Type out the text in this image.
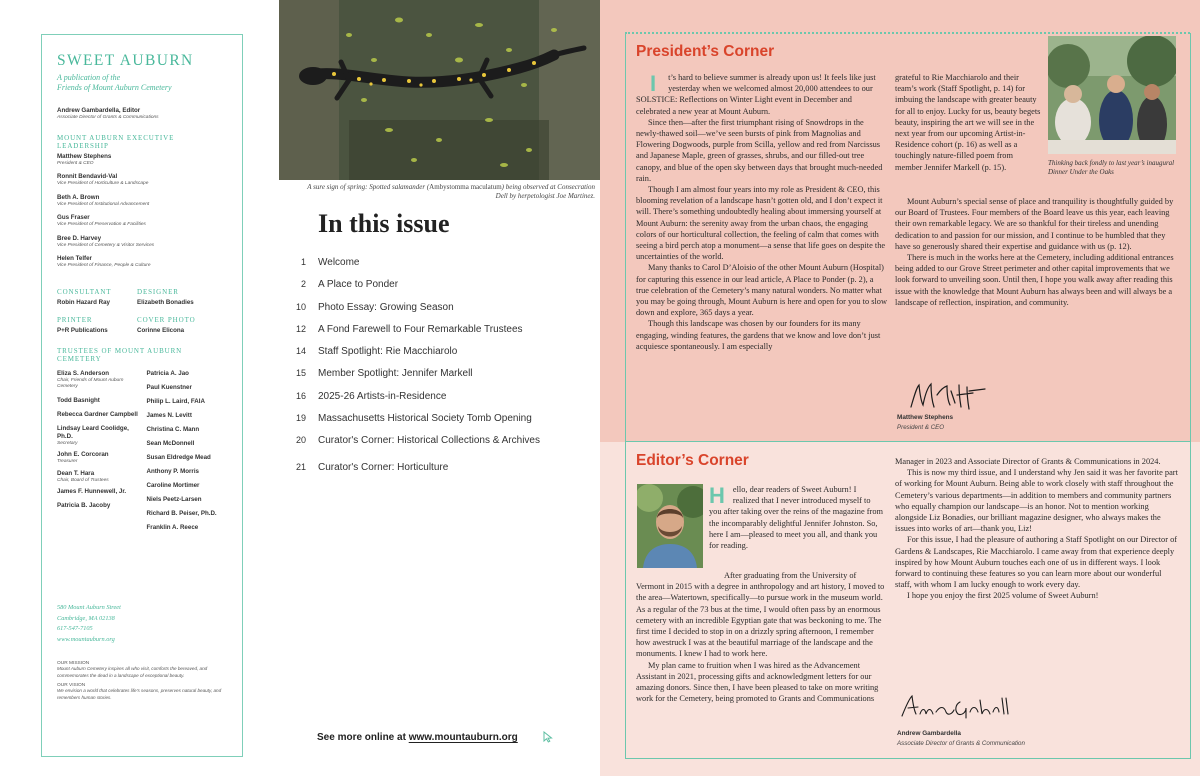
SWEET AUBURN
A publication of the
Friends of Mount Auburn Cemetery
Andrew Gambardella, Editor
Associate Director of Grants & Communications
MOUNT AUBURN EXECUTIVE LEADERSHIP
Matthew Stephens
President & CEO
Ronnit Bendavid-Val
Vice President of Horticulture & Landscape
Beth A. Brown
Vice President of Institutional Advancement
Gus Fraser
Vice President of Preservation & Facilities
Bree D. Harvey
Vice President of Cemetery & Visitor Services
Helen Telfer
Vice President of Finance, People & Culture
CONSULTANT
Robin Hazard Ray
DESIGNER
Elizabeth Bonadies
PRINTER
P+R Publications
COVER PHOTO
Corinne Elicona
TRUSTEES OF MOUNT AUBURN CEMETERY
Eliza S. Anderson
Chair, Friends of Mount Auburn Cemetery
Todd Basnight
Rebecca Gardner Campbell
Lindsay Leard Coolidge, Ph.D.
Secretary
John E. Corcoran
Treasurer
Dean T. Hara
Chair, Board of Trustees
James F. Hunnewell, Jr.
Patricia B. Jacoby
Patricia A. Jao
Paul Kuenstner
Philip L. Laird, FAIA
James N. Levitt
Christina C. Mann
Sean McDonnell
Susan Eldredge Mead
Anthony P. Morris
Caroline Mortimer
Niels Peetz-Larsen
Richard B. Peiser, Ph.D.
Franklin A. Reece
580 Mount Auburn Street
Cambridge, MA 02138
617-547-7105
www.mountauburn.org
OUR MISSION
Mount Auburn Cemetery inspires all who visit, comforts the bereaved, and commemorates the dead in a landscape of exceptional beauty.
OUR VISION
We envision a world that celebrates life's seasons, preserves natural beauty, and remembers human stories.
A sure sign of spring: Spotted salamander (Ambystomma maculatum) being observed at Consecration Dell by herpetologist Joe Martinez.
In this issue
1 Welcome
2 A Place to Ponder
10 Photo Essay: Growing Season
12 A Fond Farewell to Four Remarkable Trustees
14 Staff Spotlight: Rie Macchiarolo
15 Member Spotlight: Jennifer Markell
16 2025-26 Artists-in-Residence
19 Massachusetts Historical Society Tomb Opening
20 Curator's Corner: Historical Collections & Archives
21 Curator's Corner: Horticulture
See more online at www.mountauburn.org
President’s Corner

I t’s hard to believe summer is already upon us! It feels like just yesterday when we welcomed almost 20,000 attendees to our SOLSTICE: Reflections on Winter Light event in December and celebrated a new year at Mount Auburn.

Since then—after the first triumphant rising of Snowdrops in the newly-thawed soil—we’ve seen bursts of pink from Magnolias and Flowering Dogwoods, purple from Scilla, yellow and red from Narcissus and Japanese Maple, green of grasses, shrubs, and our filled-out tree canopy, and blue of the open sky between days that brought much-needed rain.

Though I am almost four years into my role as President & CEO, this blooming revelation of a landscape hasn’t gotten old, and I don’t expect it will. There’s something undoubtedly healing about immersing yourself at Mount Auburn: the serenity away from the urban chaos, the engaging colors of our horticultural collection, the feeling of calm that comes with seeing a bird perch atop a monument—a sense that life goes on despite the uncertainties of the world.

Many thanks to Carol D’Aloisio of the other Mount Auburn (Hospital) for capturing this essence in our lead article, A Place to Ponder (p. 2), a true celebration of the Cemetery’s many natural wonders. No matter what you may be going through, Mount Auburn is here and open for you to slow down and explore, 365 days a year.

Though this landscape was chosen by our founders for its many engaging, winding features, the gardens that we know and love don’t just acquiesce spontaneously. I am especially

grateful to Rie Macchiarolo and their team’s work (Staff Spotlight, p. 14) for imbuing the landscape with greater beauty for all to enjoy. Lucky for us, beauty begets beauty, inspiring the art we will see in the next year from our upcoming Artist-in-Residence cohort (p. 16) as well as a touchingly nature-filled poem from member Jennifer Markell (p. 15).

Mount Auburn’s special sense of place and tranquility is thoughtfully guided by our Board of Trustees. Four members of the Board leave us this year, each leaving their own remarkable legacy. We are so thankful for their tireless and unending dedication to and passion for our mission, and I continue to be humbled that they have so generously shared their expertise and guidance with us (p. 12).

There is much in the works here at the Cemetery, including additional entrances being added to our Grove Street perimeter and other capital improvements that we look forward to unveiling soon. Until then, I hope you walk away after reading this issue with the knowledge that Mount Auburn has always been and will always be a landscape of reflection, inspiration, and community.

Thinking back fondly to last year’s inaugural Dinner Under the Oaks
Matthew Stephens
President & CEO
Editor’s Corner

Hello, dear readers of Sweet Auburn! I realized that I never introduced myself to you after taking over the reins of the magazine from the incomparably delightful Jennifer Johnston. So, here I am—pleased to meet you all, and thank you for reading.

After graduating from the University of Vermont in 2015 with a degree in anthropology and art history, I moved to the area—Watertown, specifically—to pursue work in the museum world. As a regular of the 73 bus at the time, I would often pass by an enormous cemetery with an incredible Egyptian gate that was beckoning to me. The first time I decided to stop in on a drizzly spring afternoon, I remember how awestruck I was at the beautiful marriage of the landscape and the monuments. I knew I had to work here.

My plan came to fruition when I was hired as the Advancement Assistant in 2021, processing gifts and acknowledgment letters for our amazing donors. Since then, I have been pleased to take on more writing work for the Cemetery, being promoted to Grants and Communications

Manager in 2023 and Associate Director of Grants & Communications in 2024.

This is now my third issue, and I understand why Jen said it was her favorite part of working for Mount Auburn. Being able to work closely with staff throughout the Cemetery’s various departments—in addition to members and community partners who equally champion our landscape—is an honor. Not to mention working alongside Liz Bonadies, our brilliant magazine designer, who always makes the issues into works of art—thank you, Liz!

For this issue, I had the pleasure of authoring a Staff Spotlight on our Director of Gardens & Landscapes, Rie Macchiarolo. I came away from that experience deeply inspired by how Mount Auburn touches each one of us in different ways. I look forward to continuing these features so you can learn more about our wonderful staff, with whom I am lucky enough to work every day.

I hope you enjoy the first 2025 volume of Sweet Auburn!

Andrew Gambardella
Associate Director of Grants & Communication
